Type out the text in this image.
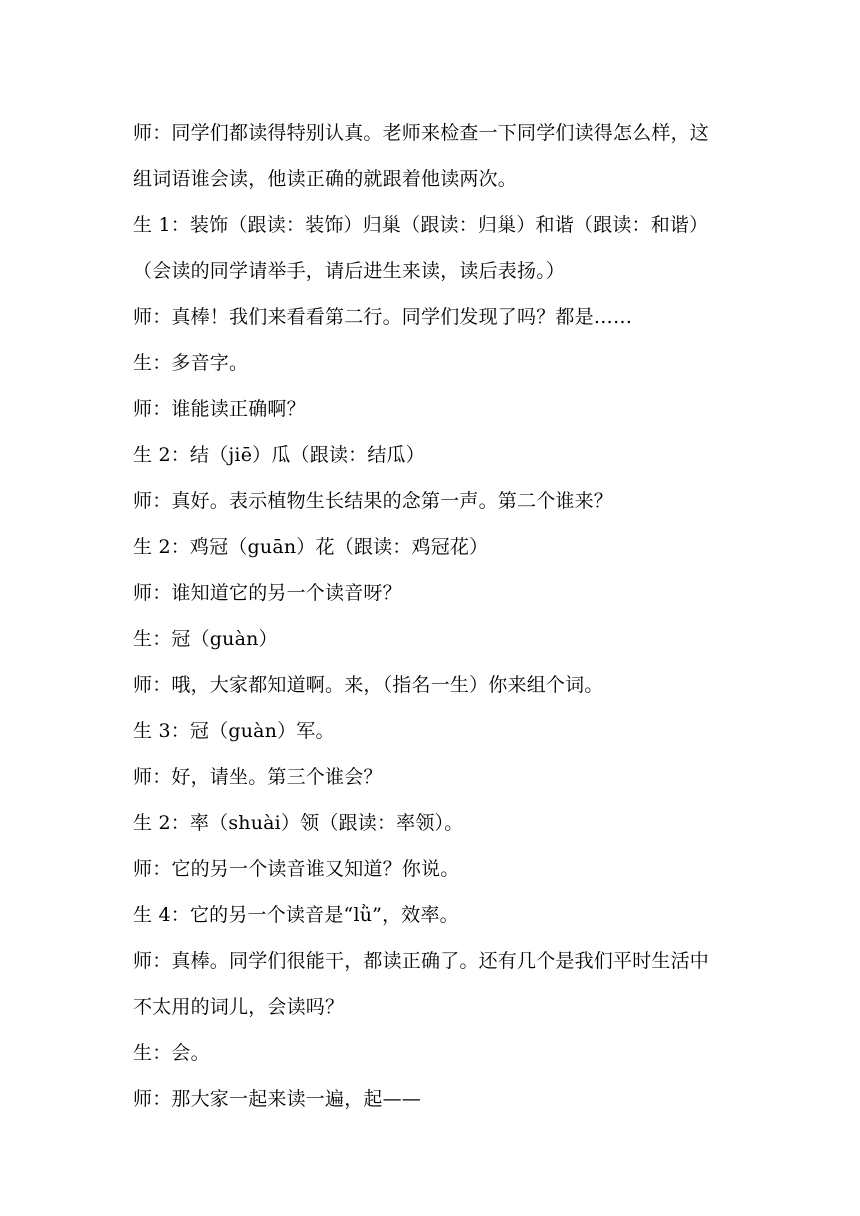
师：同学们都读得特别认真。老师来检查一下同学们读得怎么样，这
组词语谁会读，他读正确的就跟着他读两次。
生 1：装饰（跟读：装饰）归巢（跟读：归巢）和谐（跟读：和谐）
（会读的同学请举手，请后进生来读，读后表扬。）
师：真棒！我们来看看第二行。同学们发现了吗？都是……
生：多音字。
师：谁能读正确啊？
生 2：结（jiē）瓜（跟读：结瓜）
师：真好。表示植物生长结果的念第一声。第二个谁来？
生 2：鸡冠（guān）花（跟读：鸡冠花）
师：谁知道它的另一个读音呀？
生：冠（guàn）
师：哦，大家都知道啊。来，（指名一生）你来组个词。
生 3：冠（guàn）军。
师：好，请坐。第三个谁会？
生 2：率（shuài）领（跟读：率领）。
师：它的另一个读音谁又知道？你说。
生 4：它的另一个读音是“lǜ”，效率。
师：真棒。同学们很能干，都读正确了。还有几个是我们平时生活中
不太用的词儿，会读吗？
生：会。
师：那大家一起来读一遍，起——
